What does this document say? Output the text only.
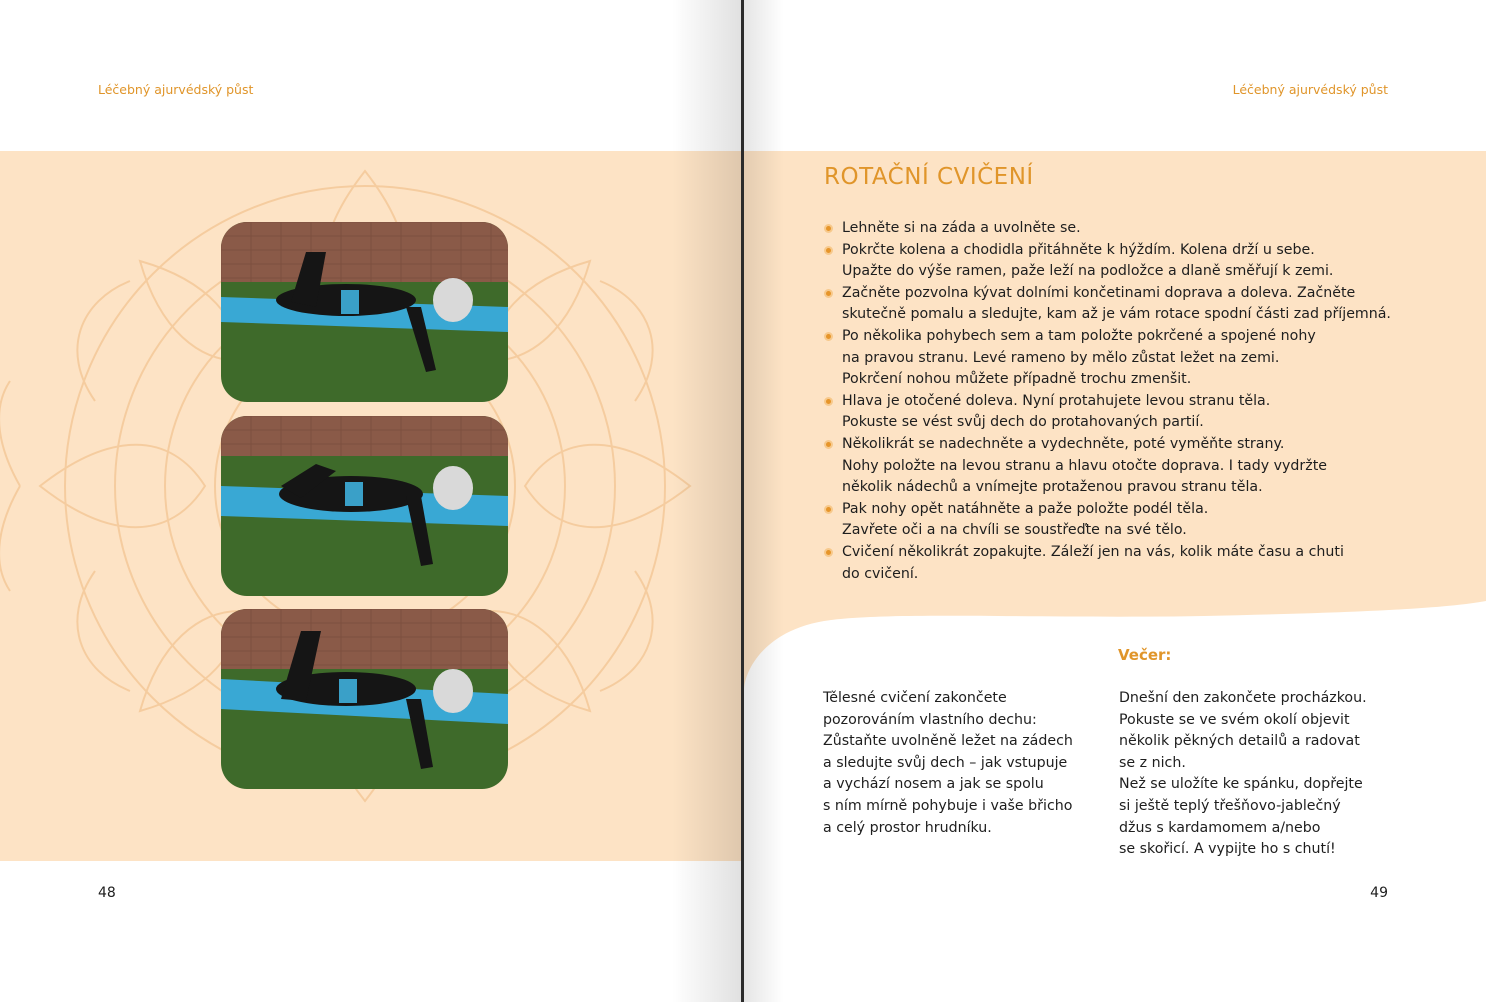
Léčebný ajurvédský půst
48
Léčebný ajurvédský půst
ROTAČNÍ CVIČENÍ
Lehněte si na záda a uvolněte se.
Pokrčte kolena a chodidla přitáhněte k hýždím. Kolena drží u sebe.
Upažte do výše ramen, paže leží na podložce a dlaně směřují k zemi.
Začněte pozvolna kývat dolními končetinami doprava a doleva. Začněte
skutečně pomalu a sledujte, kam až je vám rotace spodní části zad příjemná.
Po několika pohybech sem a tam položte pokrčené a spojené nohy
na pravou stranu. Levé rameno by mělo zůstat ležet na zemi.
Pokrčení nohou můžete případně trochu zmenšit.
Hlava je otočené doleva. Nyní protahujete levou stranu těla.
Pokuste se vést svůj dech do protahovaných partií.
Několikrát se nadechněte a vydechněte, poté vyměňte strany.
Nohy položte na levou stranu a hlavu otočte doprava. I tady vydržte
několik nádechů a vnímejte protaženou pravou stranu těla.
Pak nohy opět natáhněte a paže položte podél těla.
Zavřete oči a na chvíli se soustřeďte na své tělo.
Cvičení několikrát zopakujte. Záleží jen na vás, kolik máte času a chuti
do cvičení.
Večer:
Tělesné cvičení zakončete
pozorováním vlastního dechu:
Zůstaňte uvolněně ležet na zádech
a sledujte svůj dech – jak vstupuje
a vychází nosem a jak se spolu
s ním mírně pohybuje i vaše břicho
a celý prostor hrudníku.
Dnešní den zakončete procházkou.
Pokuste se ve svém okolí objevit
několik pěkných detailů a radovat
se z nich.
Než se uložíte ke spánku, dopřejte
si ještě teplý třešňovo-jablečný
džus s kardamomem a/nebo
se skořicí. A vypijte ho s chutí!
49
